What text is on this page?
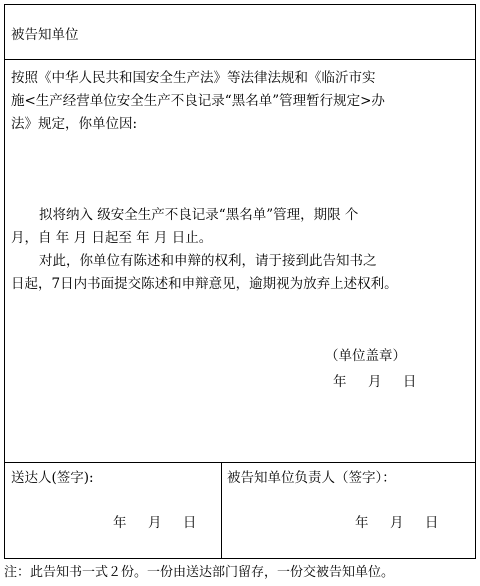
被告知单位
按照《中华人民共和国安全生产法》等法律法规和《临沂市实
施<生产经营单位安全生产不良记录“黑名单”管理暂行规定>办
法》规定，你单位因:
拟将纳入 级安全生产不良记录“黑名单”管理，期限 个
月，自 年 月 日起至 年 月 日止。
对此，你单位有陈述和申辩的权利，请于接到此告知书之
日起，7日内书面提交陈述和申辩意见，逾期视为放弃上述权利。
（单位盖章）
年     月     日
送达人(签字):
年     月     日
被告知单位负责人（签字）：
年     月     日
注：此告知书一式２份。一份由送达部门留存，一份交被告知单位。
